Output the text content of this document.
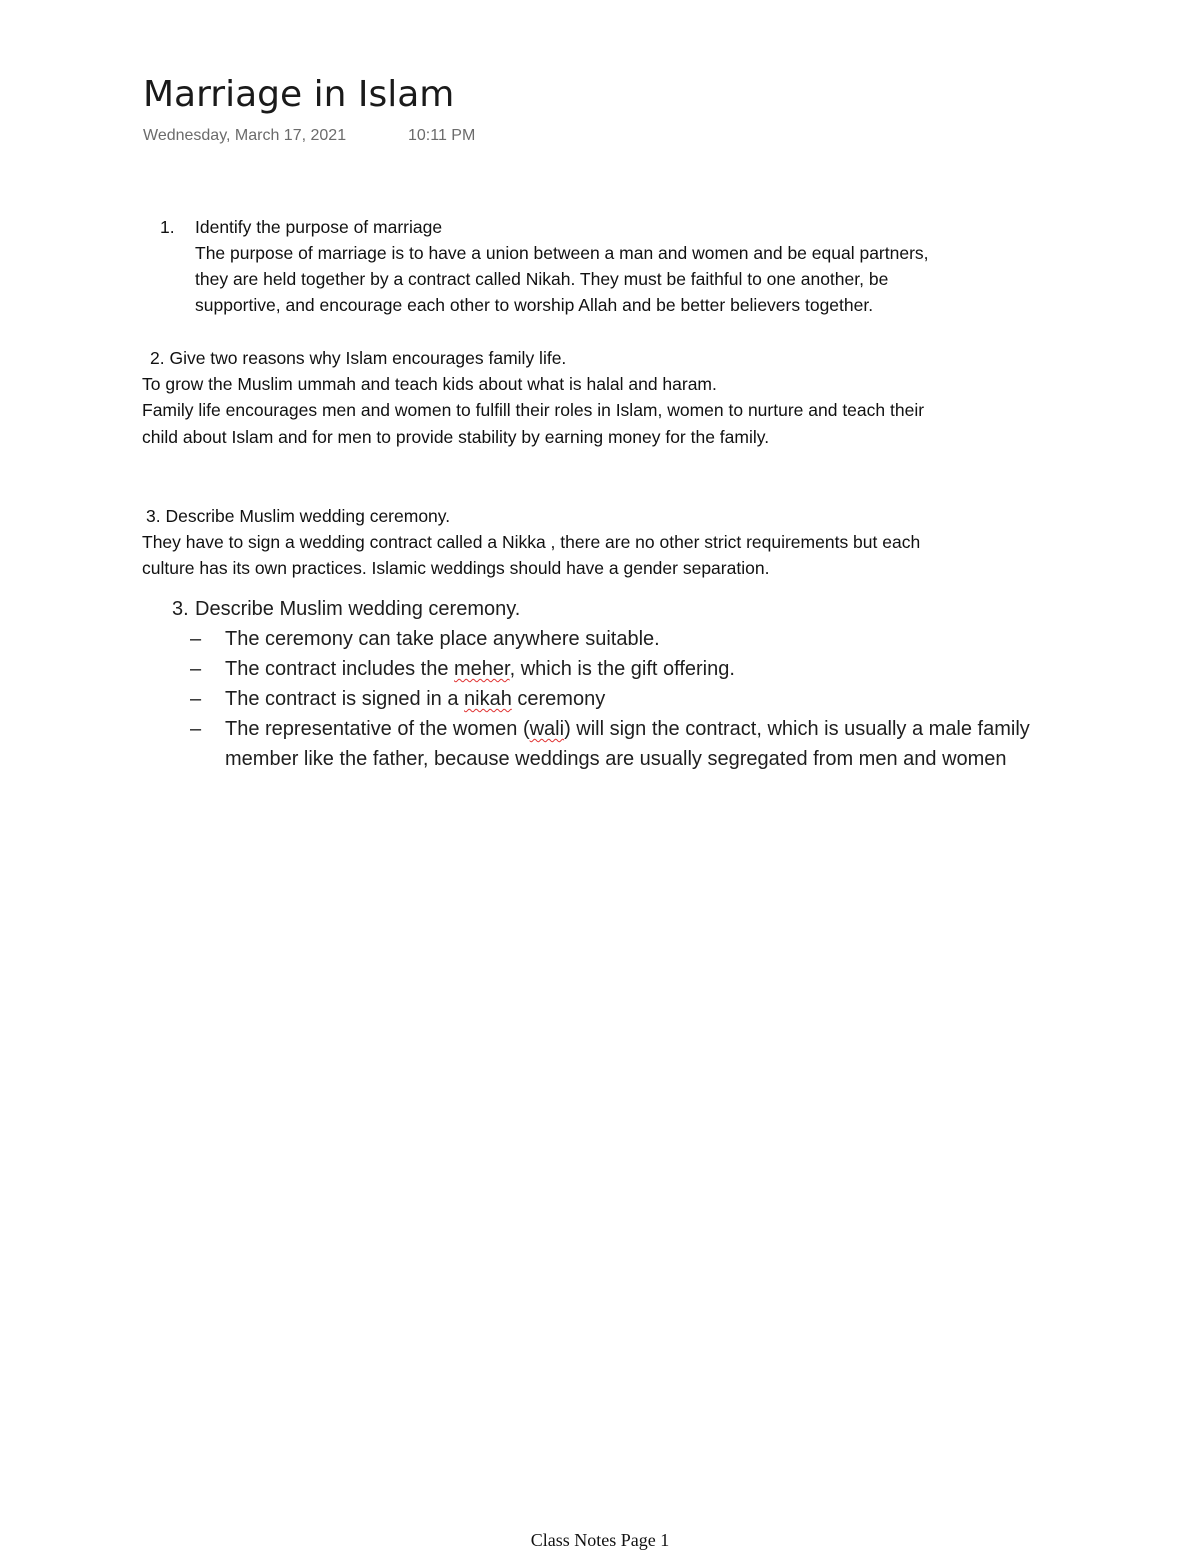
Marriage in Islam
Wednesday, March 17, 2021	10:11 PM
1. Identify the purpose of marriage
The purpose of marriage is to have a union between a man and women and be equal partners,
they are held together by a contract called Nikah. They must be faithful to one another, be
supportive, and encourage each other to worship Allah and be better believers together.
2. Give two reasons why Islam encourages family life.
To grow the Muslim ummah and teach kids about what is halal and haram.
Family life encourages men and women to fulfill their roles in Islam, women to nurture and teach their
child about Islam and for men to provide stability by earning money for the family.
3. Describe Muslim wedding ceremony.
They have to sign a wedding contract called a Nikka , there are no other strict requirements but each
culture has its own practices. Islamic weddings should have a gender separation.
3. Describe Muslim wedding ceremony.
– The ceremony can take place anywhere suitable.
– The contract includes the meher, which is the gift offering.
– The contract is signed in a nikah ceremony
– The representative of the women (wali) will sign the contract, which is usually a male family
member like the father, because weddings are usually segregated from men and women
Class Notes Page 1
